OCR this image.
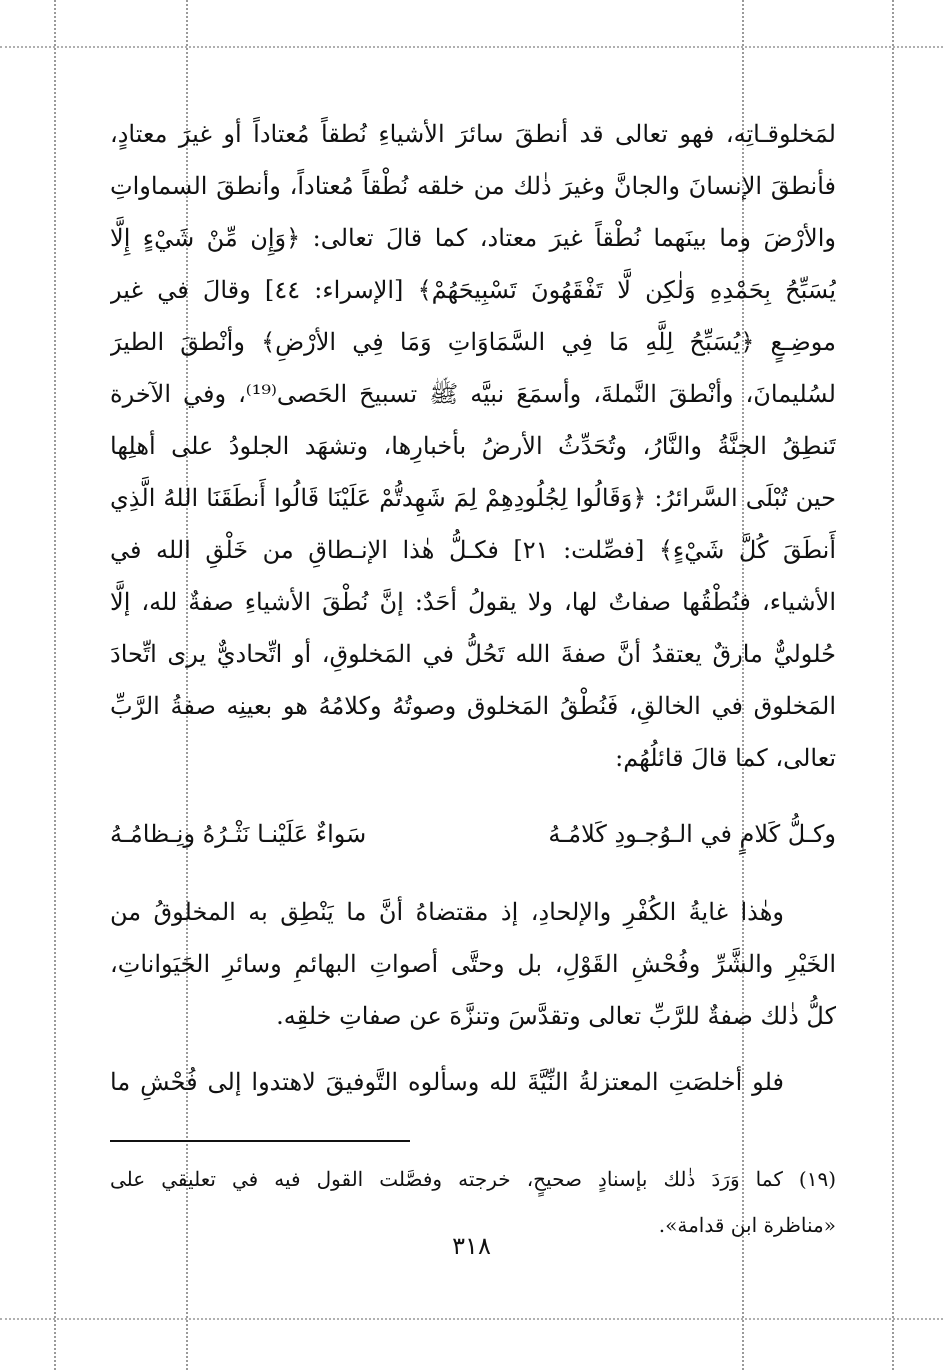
لمَخلوقـاتِه، فهو تعالى قد أنطقَ سائرَ الأشياءِ نُطقاً مُعتاداً أو غيرَ معتادٍ،
فأنطقَ الإنسانَ والجانَّ وغيرَ ذٰلك من خلقه نُطْقاً مُعتاداً، وأنطقَ السماواتِ
والأرْضَ وما بينَهما نُطْقاً غيرَ معتاد، كما قالَ تعالى: ﴿وَإِن مِّنْ شَيْءٍ إِلَّا
يُسَبِّحُ بِحَمْدِهِ وَلٰكِن لَّا تَفْقَهُونَ تَسْبِيحَهُمْ﴾ [الإسراء: ٤٤] وقالَ في غير
موضِـعٍ ﴿يُسَبِّحُ لِلَّهِ مَا فِي السَّمَاوَاتِ وَمَا فِي الأرْضِ﴾ وأنْطقَ الطيرَ
لسُليمانَ، وأنْطقَ النَّملةَ، وأسمَعَ نبيَّه ﷺ تسبيحَ الحَصى⁽¹⁹⁾، وفي الآخرة
تَنطِقُ الجنَّةُ والنَّارُ، وتُحَدِّثُ الأرضُ بأخبارِها، وتشهَد الجلودُ على أهلِها
حين تُبْلَى السَّرائرُ: ﴿وَقَالُوا لِجُلُودِهِمْ لِمَ شَهِدتُّمْ عَلَيْنَا قَالُوا أَنطَقَنَا اللهُ الَّذِي
أَنطَقَ كُلَّ شَيْءٍ﴾ [فصِّلت: ٢١] فكـلُّ هٰذا الإنـطاقِ من خَلْقِ الله في
الأشياء، فنُطْقُها صفاتٌ لها، ولا يقولُ أحَدٌ: إنَّ نُطْقَ الأشياءِ صفةٌ لله، إلَّا
حُلوليٌّ مارقٌ يعتقدُ أنَّ صفةَ الله تَحُلُّ في المَخلوقِ، أو اتِّحاديٌّ يرى اتِّحادَ
المَخلوق في الخالقِ، فَنُطْقُ المَخلوق وصوتُهُ وكلامُهُ هو بعينِه صفةُ الرَّبِّ
تعالى، كما قالَ قائلُهُم:
وكـلُّ كَلامٍ في الـوُجـودِ كَلامُـهُ
سَواءٌ عَلَيْنـا نَثْـرُهُ ونِـظامُـهُ
وهٰذا غايةُ الكُفْرِ والإلحادِ، إذ مقتضاهُ أنَّ ما يَنْطِق به المخلوقُ من
الخَيْرِ والشَّرِّ وفُحْشِ القَوْلِ، بل وحتَّى أصواتِ البهائمِ وسائرِ الحَيَواناتِ،
كلُّ ذٰلك صفةٌ للرَّبِّ تعالى وتقدَّسَ وتنزَّهَ عن صفاتِ خلقِه.
فلو أخلصَتِ المعتزلةُ النِّيَّةَ لله وسألوه التَّوفيقَ لاهتدوا إلى فُحْشِ ما
(١٩) كما وَرَدَ ذٰلك بإسنادٍ صحيحٍ، خرجته وفصَّلت القول فيه في تعليقي على
«مناظرة ابن قدامة».
٣١٨
